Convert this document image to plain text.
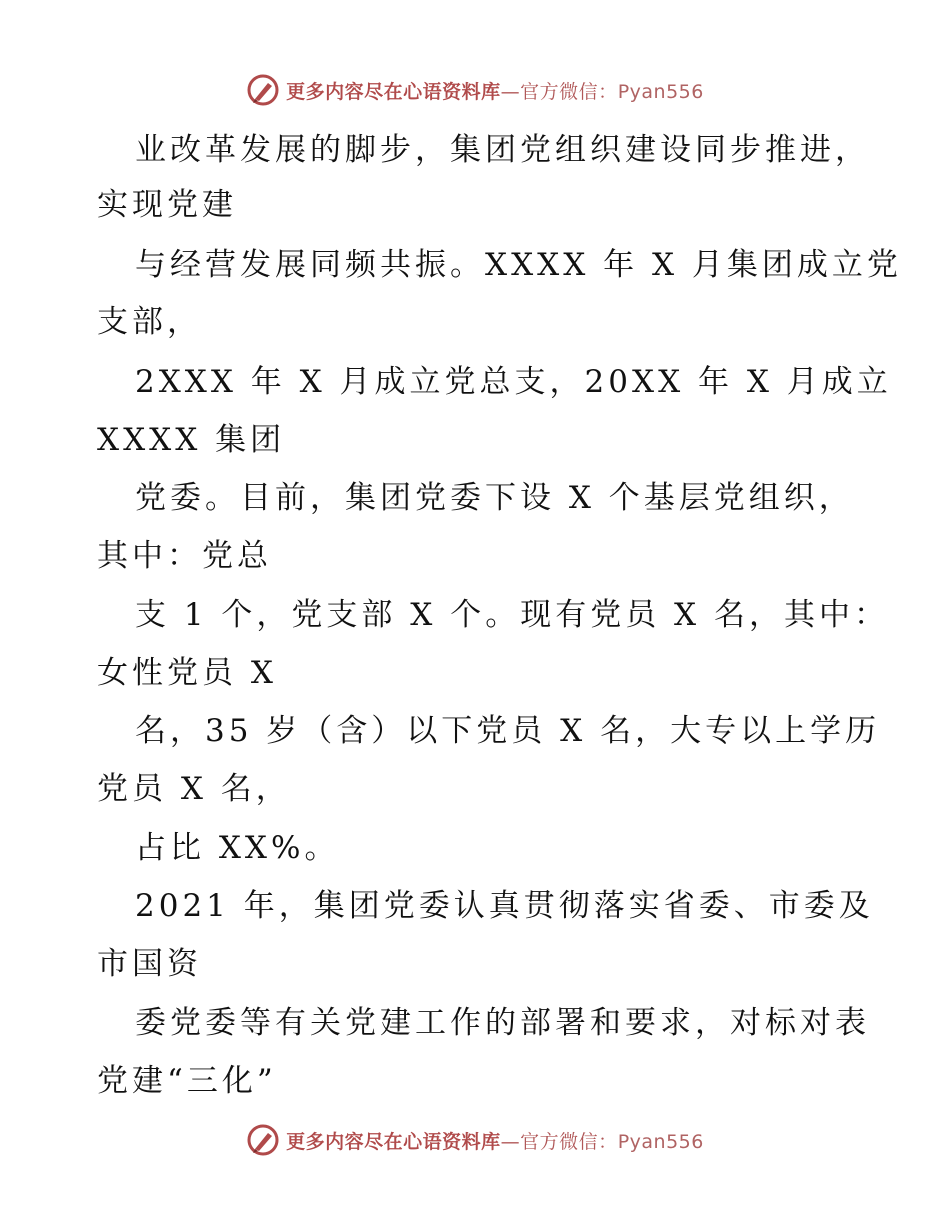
更多内容尽在心语资料库—官方微信：Pyan556
业改革发展的脚步，集团党组织建设同步推进，
实现党建
与经营发展同频共振。XXXX 年 X 月集团成立党
支部，
2XXX 年 X 月成立党总支，20XX 年 X 月成立
XXXX 集团
党委。目前，集团党委下设 X 个基层党组织，
其中：党总
支 1 个，党支部 X 个。现有党员 X 名，其中：
女性党员 X
名，35 岁（含）以下党员 X 名，大专以上学历
党员 X 名，
占比 XX%。
2021 年，集团党委认真贯彻落实省委、市委及
市国资
委党委等有关党建工作的部署和要求，对标对表
党建“三化”
更多内容尽在心语资料库—官方微信：Pyan556
